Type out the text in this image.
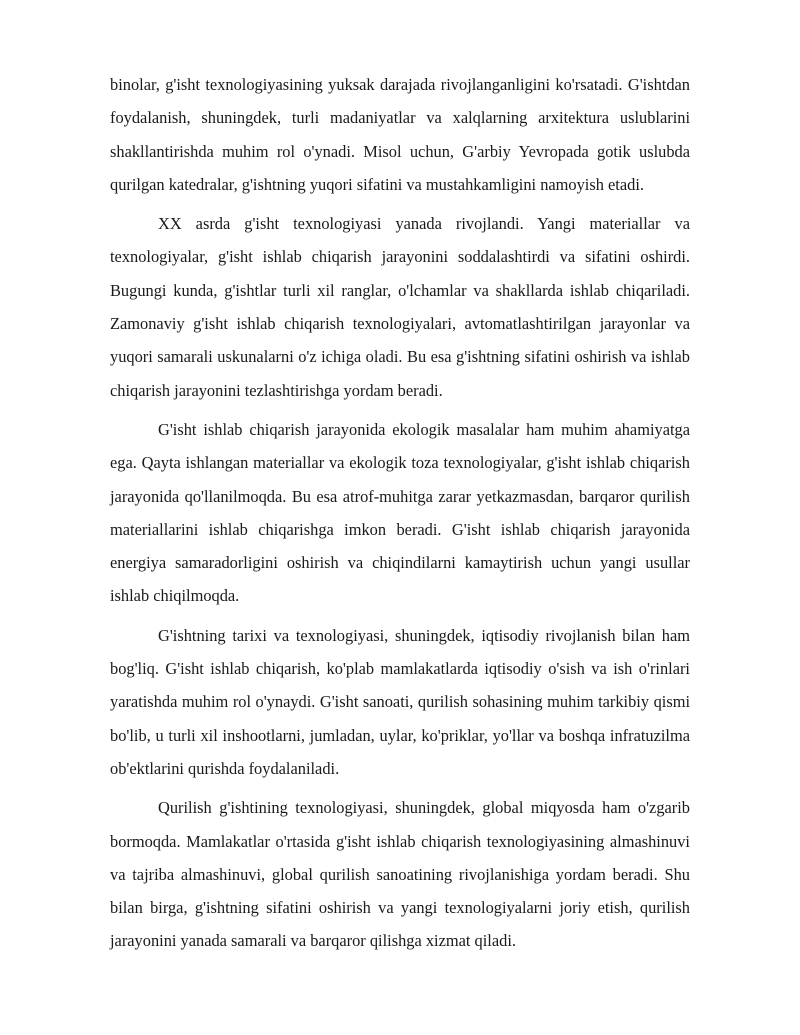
binolar, g'isht texnologiyasining yuksak darajada rivojlanganligini ko'rsatadi. G'ishtdan foydalanish, shuningdek, turli madaniyatlar va xalqlarning arxitektura uslublarini shakllantirishda muhim rol o'ynadi. Misol uchun, G'arbiy Yevropada gotik uslubda qurilgan katedralar, g'ishtning yuqori sifatini va mustahkamligini namoyish etadi.

XX asrda g'isht texnologiyasi yanada rivojlandi. Yangi materiallar va texnologiyalar, g'isht ishlab chiqarish jarayonini soddalashtirdi va sifatini oshirdi. Bugungi kunda, g'ishtlar turli xil ranglar, o'lchamlar va shakllarda ishlab chiqariladi. Zamonaviy g'isht ishlab chiqarish texnologiyalari, avtomatlashtirilgan jarayonlar va yuqori samarali uskunalarni o'z ichiga oladi. Bu esa g'ishtning sifatini oshirish va ishlab chiqarish jarayonini tezlashtirishga yordam beradi.

G'isht ishlab chiqarish jarayonida ekologik masalalar ham muhim ahamiyatga ega. Qayta ishlangan materiallar va ekologik toza texnologiyalar, g'isht ishlab chiqarish jarayonida qo'llanilmoqda. Bu esa atrof-muhitga zarar yetkazmasdan, barqaror qurilish materiallarini ishlab chiqarishga imkon beradi. G'isht ishlab chiqarish jarayonida energiya samaradorligini oshirish va chiqindilarni kamaytirish uchun yangi usullar ishlab chiqilmoqda.

G'ishtning tarixi va texnologiyasi, shuningdek, iqtisodiy rivojlanish bilan ham bog'liq. G'isht ishlab chiqarish, ko'plab mamlakatlarda iqtisodiy o'sish va ish o'rinlari yaratishda muhim rol o'ynaydi. G'isht sanoati, qurilish sohasining muhim tarkibiy qismi bo'lib, u turli xil inshootlarni, jumladan, uylar, ko'priklar, yo'llar va boshqa infratuzilma ob'ektlarini qurishda foydalaniladi.

Qurilish g'ishtining texnologiyasi, shuningdek, global miqyosda ham o'zgarib bormoqda. Mamlakatlar o'rtasida g'isht ishlab chiqarish texnologiyasining almashinuvi va tajriba almashinuvi, global qurilish sanoatining rivojlanishiga yordam beradi. Shu bilan birga, g'ishtning sifatini oshirish va yangi texnologiyalarni joriy etish, qurilish jarayonini yanada samarali va barqaror qilishga xizmat qiladi.
